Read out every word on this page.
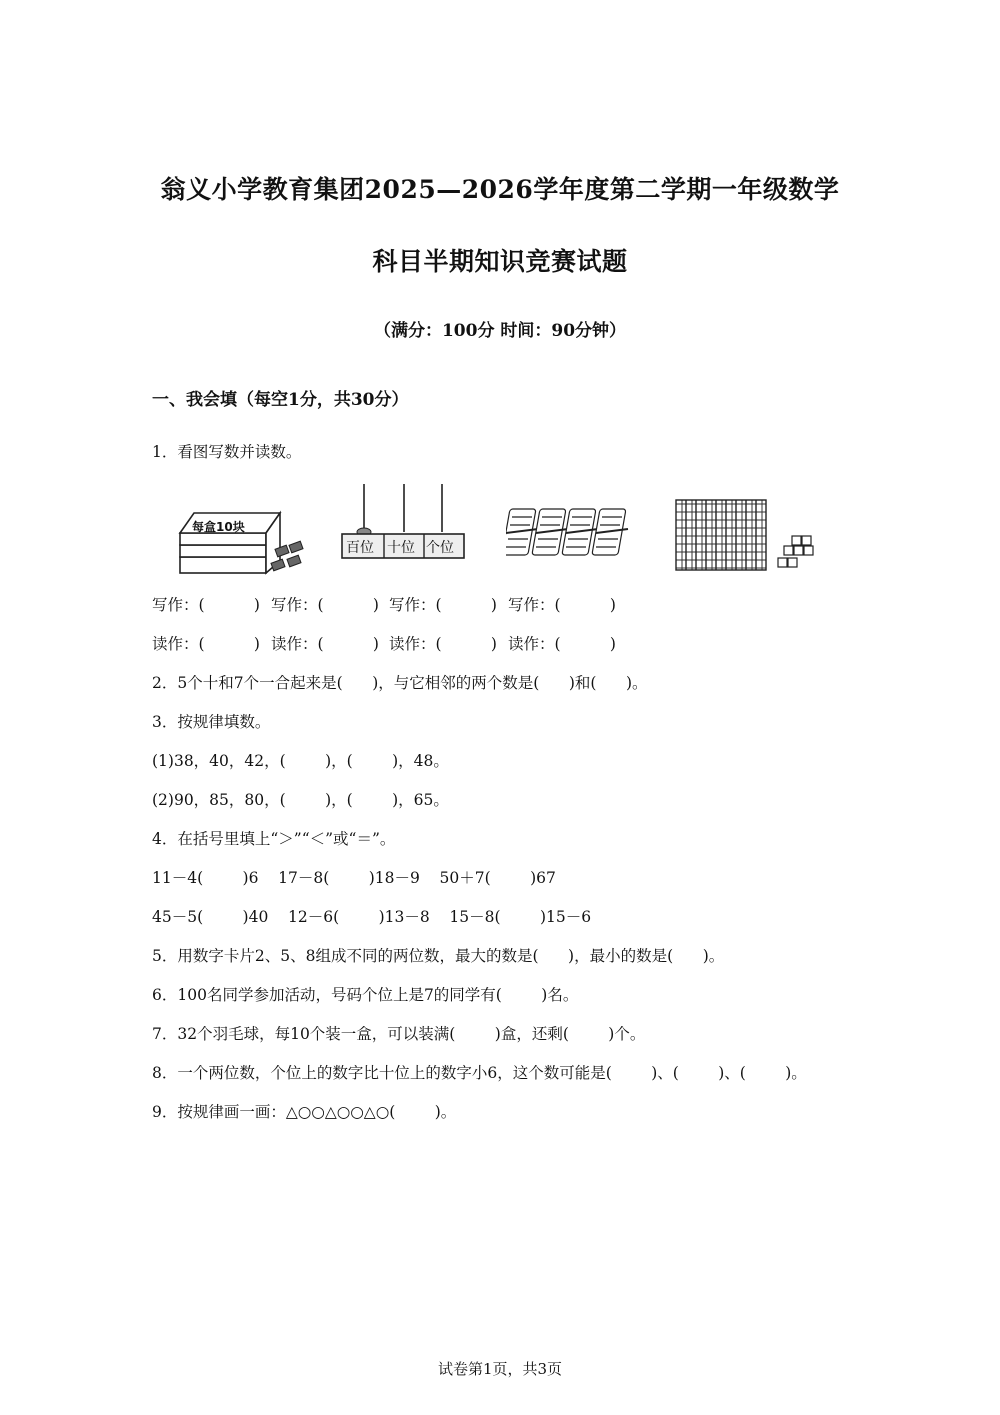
翁义小学教育集团2025—2026学年度第二学期一年级数学
科目半期知识竞赛试题
（满分：100分 时间：90分钟）
一、我会填（每空1分，共30分）
1．看图写数并读数。
每盒10块
百位 十位 个位
写作：(          ) 写作：(          ) 写作：(          ) 写作：(          )
读作：(          ) 读作：(          ) 读作：(          ) 读作：(          )
2．5个十和7个一合起来是(      )，与它相邻的两个数是(      )和(      )。
3．按规律填数。
(1)38，40，42，(        )，(        )，48。
(2)90，85，80，(        )，(        )，65。
4．在括号里填上“＞”“＜”或“＝”。
11－4(        )6    17－8(        )18－9    50＋7(        )67
45－5(        )40    12－6(        )13－8    15－8(        )15－6
5．用数字卡片2、5、8组成不同的两位数，最大的数是(      )，最小的数是(      )。
6．100名同学参加活动，号码个位上是7的同学有(        )名。
7．32个羽毛球，每10个装一盒，可以装满(        )盒，还剩(        )个。
8．一个两位数，个位上的数字比十位上的数字小6，这个数可能是(        )、(        )、(        )。
9．按规律画一画：△○○△○○△○(        )。
试卷第1页，共3页
